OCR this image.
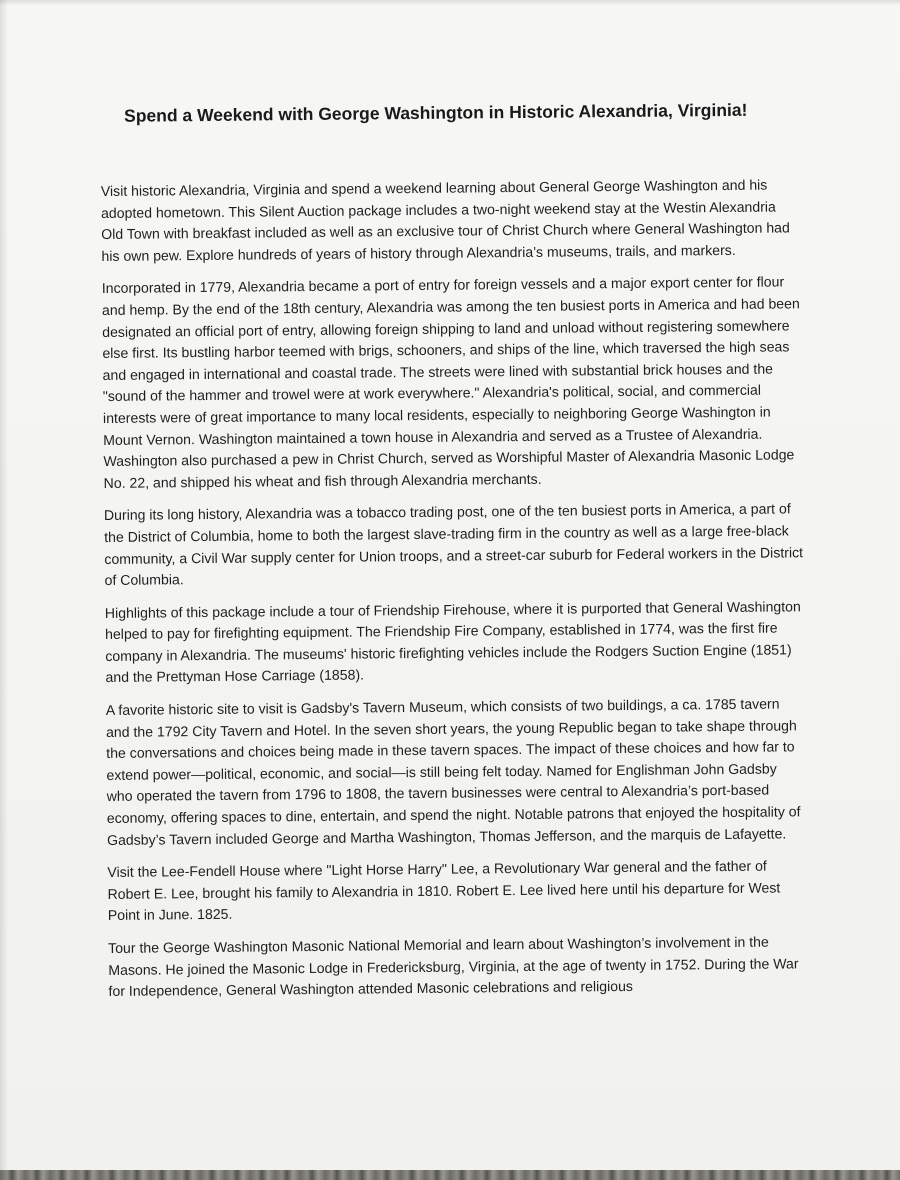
Spend a Weekend with George Washington in Historic Alexandria, Virginia!

Visit historic Alexandria, Virginia and spend a weekend learning about General George Washington and his adopted hometown. This Silent Auction package includes a two-night weekend stay at the Westin Alexandria Old Town with breakfast included as well as an exclusive tour of Christ Church where General Washington had his own pew. Explore hundreds of years of history through Alexandria’s museums, trails, and markers.

Incorporated in 1779, Alexandria became a port of entry for foreign vessels and a major export center for flour and hemp. By the end of the 18th century, Alexandria was among the ten busiest ports in America and had been designated an official port of entry, allowing foreign shipping to land and unload without registering somewhere else first. Its bustling harbor teemed with brigs, schooners, and ships of the line, which traversed the high seas and engaged in international and coastal trade. The streets were lined with substantial brick houses and the "sound of the hammer and trowel were at work everywhere." Alexandria's political, social, and commercial interests were of great importance to many local residents, especially to neighboring George Washington in Mount Vernon. Washington maintained a town house in Alexandria and served as a Trustee of Alexandria. Washington also purchased a pew in Christ Church, served as Worshipful Master of Alexandria Masonic Lodge No. 22, and shipped his wheat and fish through Alexandria merchants.

During its long history, Alexandria was a tobacco trading post, one of the ten busiest ports in America, a part of the District of Columbia, home to both the largest slave-trading firm in the country as well as a large free-black community, a Civil War supply center for Union troops, and a street-car suburb for Federal workers in the District of Columbia.

Highlights of this package include a tour of Friendship Firehouse, where it is purported that General Washington helped to pay for firefighting equipment. The Friendship Fire Company, established in 1774, was the first fire company in Alexandria. The museums' historic firefighting vehicles include the Rodgers Suction Engine (1851) and the Prettyman Hose Carriage (1858).

A favorite historic site to visit is Gadsby's Tavern Museum, which consists of two buildings, a ca. 1785 tavern and the 1792 City Tavern and Hotel. In the seven short years, the young Republic began to take shape through the conversations and choices being made in these tavern spaces. The impact of these choices and how far to extend power—political, economic, and social—is still being felt today. Named for Englishman John Gadsby who operated the tavern from 1796 to 1808, the tavern businesses were central to Alexandria’s port-based economy, offering spaces to dine, entertain, and spend the night. Notable patrons that enjoyed the hospitality of Gadsby’s Tavern included George and Martha Washington, Thomas Jefferson, and the marquis de Lafayette.

Visit the Lee-Fendell House where "Light Horse Harry" Lee, a Revolutionary War general and the father of Robert E. Lee, brought his family to Alexandria in 1810. Robert E. Lee lived here until his departure for West Point in June. 1825.

Tour the George Washington Masonic National Memorial and learn about Washington’s involvement in the Masons. He joined the Masonic Lodge in Fredericksburg, Virginia, at the age of twenty in 1752. During the War for Independence, General Washington attended Masonic celebrations and religious
